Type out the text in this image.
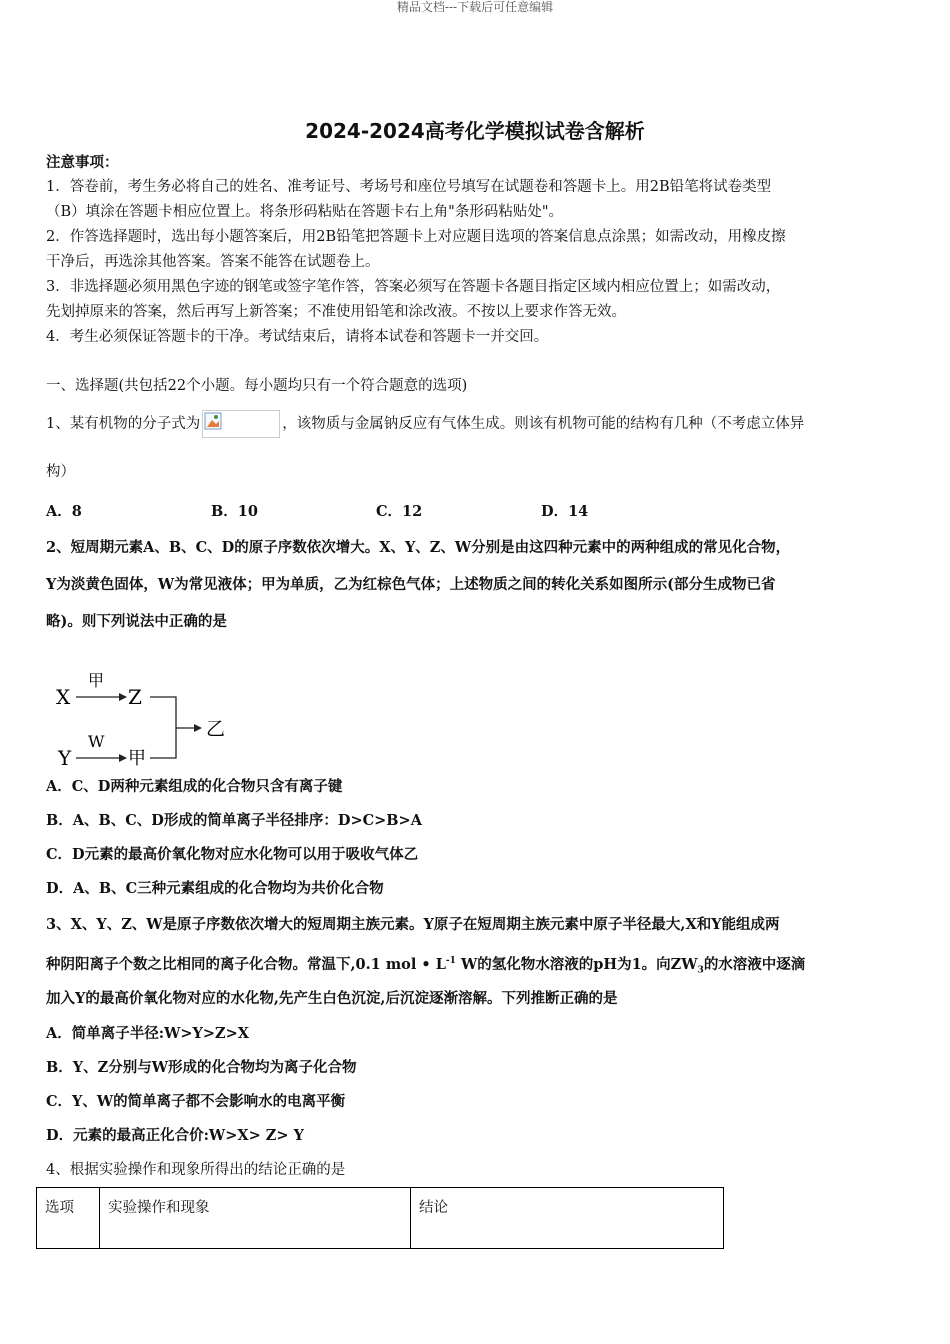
精品文档---下载后可任意编辑
2024-2024高考化学模拟试卷含解析
注意事项：
1．答卷前，考生务必将自己的姓名、准考证号、考场号和座位号填写在试题卷和答题卡上。用2B铅笔将试卷类型
（B）填涂在答题卡相应位置上。将条形码粘贴在答题卡右上角"条形码粘贴处"。
2．作答选择题时，选出每小题答案后，用2B铅笔把答题卡上对应题目选项的答案信息点涂黑；如需改动，用橡皮擦
干净后，再选涂其他答案。答案不能答在试题卷上。
3．非选择题必须用黑色字迹的钢笔或签字笔作答，答案必须写在答题卡各题目指定区域内相应位置上；如需改动，
先划掉原来的答案，然后再写上新答案；不准使用铅笔和涂改液。不按以上要求作答无效。
4．考生必须保证答题卡的干净。考试结束后，请将本试卷和答题卡一并交回。
一、选择题(共包括22个小题。每小题均只有一个符合题意的选项)
1、某有机物的分子式为	，该物质与金属钠反应有气体生成。则该有机物可能的结构有几种（不考虑立体异
构）
A．8	B．10	C．12	D．14
2、短周期元素A、B、C、D的原子序数依次增大。X、Y、Z、W分别是由这四种元素中的两种组成的常见化合物，
Y为淡黄色固体，W为常见液体；甲为单质，乙为红棕色气体；上述物质之间的转化关系如图所示(部分生成物已省
略)。则下列说法中正确的是
X
甲
Z
Y
W
甲
乙
A．C、D两种元素组成的化合物只含有离子键
B．A、B、C、D形成的简单离子半径排序：D>C>B>A
C．D元素的最高价氧化物对应水化物可以用于吸收气体乙
D．A、B、C三种元素组成的化合物均为共价化合物
3、X、Y、Z、W是原子序数依次增大的短周期主族元素。Y原子在短周期主族元素中原子半径最大,X和Y能组成两
种阴阳离子个数之比相同的离子化合物。常温下,0.1 mol • $L^{-1}$ W的氢化物水溶液的pH为1。向$ZW_3$的水溶液中逐滴
加入Y的最高价氧化物对应的水化物,先产生白色沉淀,后沉淀逐渐溶解。下列推断正确的是
A．简单离子半径:W>Y>Z>X
B．Y、Z分别与W形成的化合物均为离子化合物
C．Y、W的简单离子都不会影响水的电离平衡
D．元素的最高正化合价:W>X> Z> Y
4、根据实验操作和现象所得出的结论正确的是
选项	实验操作和现象	结论
